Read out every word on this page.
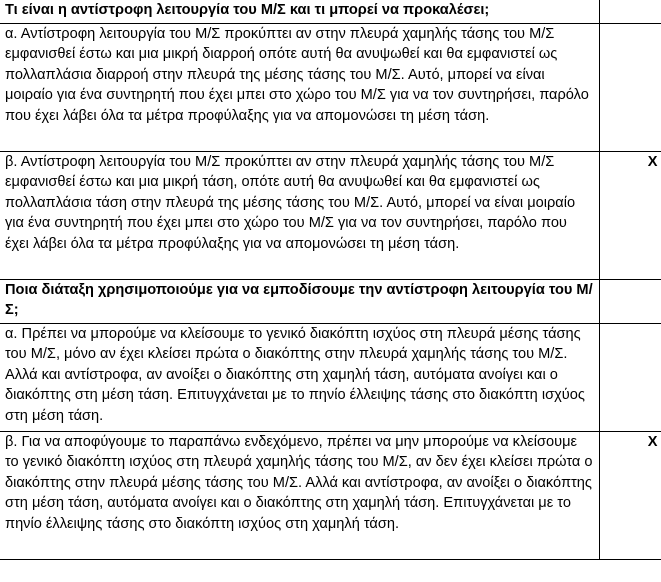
Τι είναι η αντίστροφη λειτουργία του Μ/Σ και τι μπορεί να προκαλέσει;	
α. Αντίστροφη λειτουργία του Μ/Σ προκύπτει αν στην πλευρά χαμηλής τάσης του Μ/Σ εμφανισθεί έστω και μια μικρή διαρροή οπότε αυτή θα ανυψωθεί και θα εμφανιστεί ως πολλαπλάσια διαρροή στην πλευρά της μέσης τάσης του Μ/Σ. Αυτό, μπορεί να είναι μοιραίο για ένα συντηρητή που έχει μπει στο χώρο του Μ/Σ για να τον συντηρήσει, παρόλο που έχει λάβει όλα τα μέτρα προφύλαξης για να απομονώσει τη μέση τάση.	
β. Αντίστροφη λειτουργία του Μ/Σ προκύπτει αν στην πλευρά χαμηλής τάσης του Μ/Σ εμφανισθεί έστω και μια μικρή τάση, οπότε αυτή θα ανυψωθεί και θα εμφανιστεί ως πολλαπλάσια τάση στην πλευρά της μέσης τάσης του Μ/Σ. Αυτό, μπορεί να είναι μοιραίο για ένα συντηρητή που έχει μπει στο χώρο του Μ/Σ για να τον συντηρήσει, παρόλο που έχει λάβει όλα τα μέτρα προφύλαξης για να απομονώσει τη μέση τάση.	X
Ποια διάταξη χρησιμοποιούμε για να εμποδίσουμε την αντίστροφη λειτουργία του Μ/Σ;	
α. Πρέπει να μπορούμε να κλείσουμε το γενικό διακόπτη ισχύος στη πλευρά μέσης τάσης του Μ/Σ, μόνο αν έχει κλείσει πρώτα ο διακόπτης στην πλευρά χαμηλής τάσης του Μ/Σ. Αλλά και αντίστροφα, αν ανοίξει ο διακόπτης στη χαμηλή τάση, αυτόματα ανοίγει και ο διακόπτης στη μέση τάση. Επιτυγχάνεται με το πηνίο έλλειψης τάσης στο διακόπτη ισχύος στη μέση τάση.	
β. Για να αποφύγουμε το παραπάνω ενδεχόμενο, πρέπει να μην μπορούμε να κλείσουμε το γενικό διακόπτη ισχύος στη πλευρά χαμηλής τάσης του Μ/Σ, αν δεν έχει κλείσει πρώτα ο διακόπτης στην πλευρά μέσης τάσης του Μ/Σ. Αλλά και αντίστροφα, αν ανοίξει ο διακόπτης στη μέση τάση, αυτόματα ανοίγει και ο διακόπτης στη χαμηλή τάση. Επιτυγχάνεται με το πηνίο έλλειψης τάσης στο διακόπτη ισχύος στη χαμηλή τάση.	X
